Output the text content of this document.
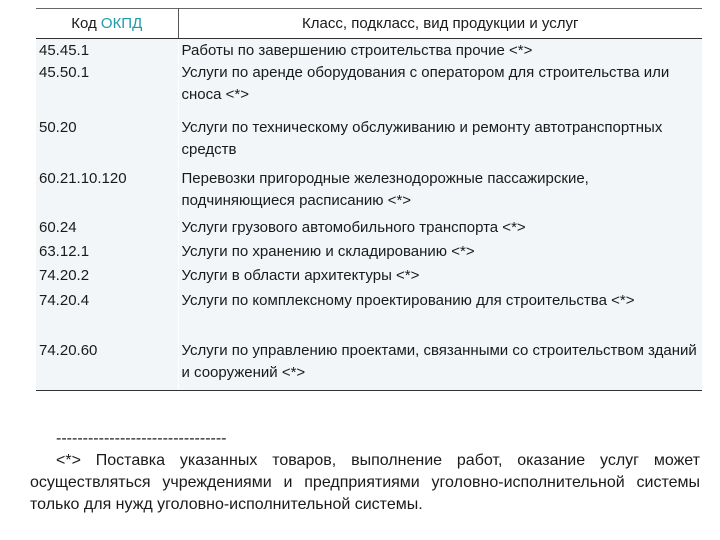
Код ОКПД	Класс, подкласс, вид продукции и услуг
45.45.1	Работы по завершению строительства прочие <*>
45.50.1	Услуги по аренде оборудования с оператором для строительства или сноса <*>
50.20	Услуги по техническому обслуживанию и ремонту автотранспортных средств
60.21.10.120	Перевозки пригородные железнодорожные пассажирские, подчиняющиеся расписанию <*>
60.24	Услуги грузового автомобильного транспорта <*>
63.12.1	Услуги по хранению и складированию <*>
74.20.2	Услуги в области архитектуры <*>
74.20.4	Услуги по комплексному проектированию для строительства <*>
74.20.60	Услуги по управлению проектами, связанными со строительством зданий и сооружений <*>
--------------------------------

<*> Поставка указанных товаров, выполнение работ, оказание услуг может осуществляться учреждениями и предприятиями уголовно-исполнительной системы только для нужд уголовно-исполнительной системы.
